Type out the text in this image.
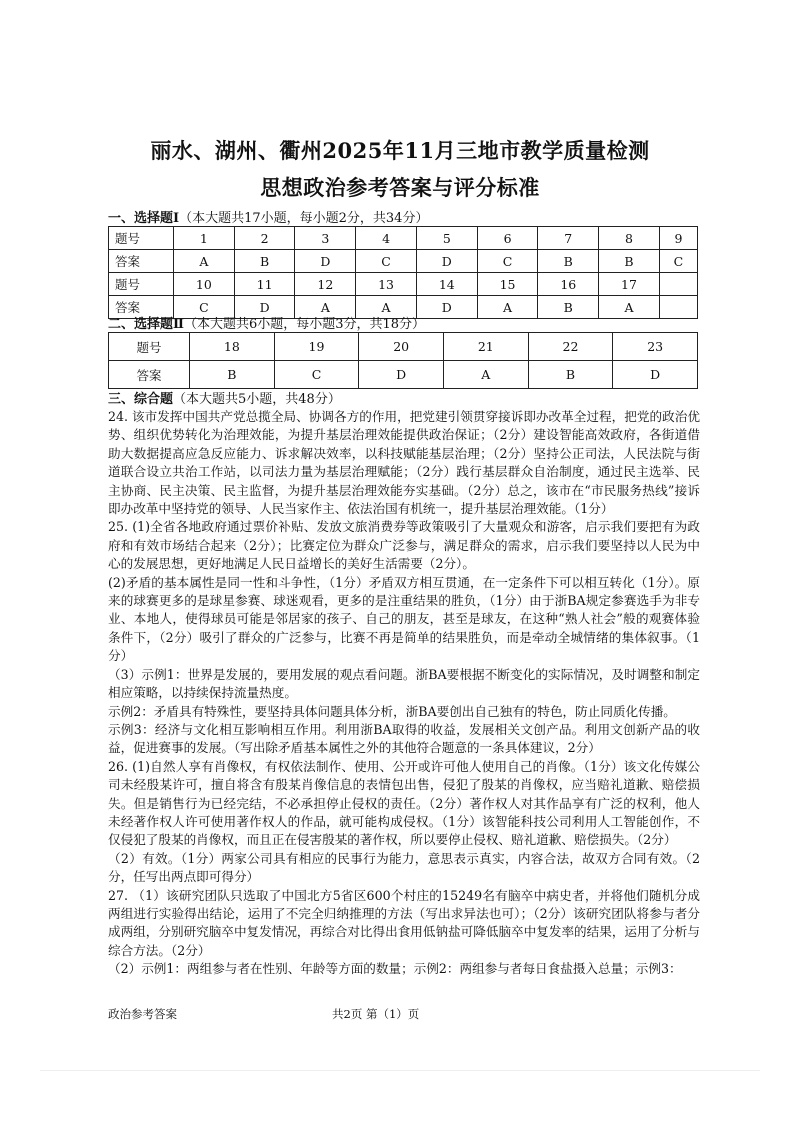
丽水、湖州、衢州2025年11月三地市教学质量检测
思想政治参考答案与评分标准
一、选择题Ⅰ（本大题共17小题，每小题2分，共34分）
题号	1	2	3	4	5	6	7	8	9
答案	A	B	D	C	D	C	B	B	C
题号	10	11	12	13	14	15	16	17	
答案	C	D	A	A	D	A	B	A	
二、选择题Ⅱ（本大题共6小题，每小题3分，共18分）
题号	18	19	20	21	22	23
答案	B	C	D	A	B	D
三、综合题（本大题共5小题，共48分）

24. 该市发挥中国共产党总揽全局、协调各方的作用，把党建引领贯穿接诉即办改革全过程，把党的政治优势、组织优势转化为治理效能，为提升基层治理效能提供政治保证；（2分）建设智能高效政府，各街道借助大数据提高应急反应能力、诉求解决效率，以科技赋能基层治理；（2分）坚持公正司法，人民法院与街道联合设立共治工作站，以司法力量为基层治理赋能；（2分）践行基层群众自治制度，通过民主选举、民主协商、民主决策、民主监督，为提升基层治理效能夯实基础。（2分）总之，该市在“市民服务热线”接诉即办改革中坚持党的领导、人民当家作主、依法治国有机统一，提升基层治理效能。（1分）

25. (1)全省各地政府通过票价补贴、发放文旅消费券等政策吸引了大量观众和游客，启示我们要把有为政府和有效市场结合起来（2分）；比赛定位为群众广泛参与，满足群众的需求，启示我们要坚持以人民为中心的发展思想，更好地满足人民日益增长的美好生活需要（2分）。

(2)矛盾的基本属性是同一性和斗争性，（1分）矛盾双方相互贯通，在一定条件下可以相互转化（1分）。原来的球赛更多的是球星参赛、球迷观看，更多的是注重结果的胜负，（1分）由于浙BA规定参赛选手为非专业、本地人，使得球员可能是邻居家的孩子、自己的朋友，甚至是球友，在这种“熟人社会”般的观赛体验条件下，（2分）吸引了群众的广泛参与，比赛不再是简单的结果胜负，而是牵动全城情绪的集体叙事。（1分）

（3）示例1：世界是发展的，要用发展的观点看问题。浙BA要根据不断变化的实际情况，及时调整和制定相应策略，以持续保持流量热度。

示例2：矛盾具有特殊性，要坚持具体问题具体分析，浙BA要创出自己独有的特色，防止同质化传播。

示例3：经济与文化相互影响相互作用。利用浙BA取得的收益，发展相关文创产品。利用文创新产品的收益，促进赛事的发展。（写出除矛盾基本属性之外的其他符合题意的一条具体建议，2分）

26. (1)自然人享有肖像权，有权依法制作、使用、公开或许可他人使用自己的肖像。（1分）该文化传媒公司未经殷某许可，擅自将含有殷某肖像信息的表情包出售，侵犯了殷某的肖像权，应当赔礼道歉、赔偿损失。但是销售行为已经完结，不必承担停止侵权的责任。（2分）著作权人对其作品享有广泛的权利，他人未经著作权人许可使用著作权人的作品，就可能构成侵权。（1分）该智能科技公司利用人工智能创作，不仅侵犯了殷某的肖像权，而且正在侵害殷某的著作权，所以要停止侵权、赔礼道歉、赔偿损失。（2分）

（2）有效。（1分）两家公司具有相应的民事行为能力，意思表示真实，内容合法，故双方合同有效。（2分，任写出两点即可得分）

27. （1）该研究团队只选取了中国北方5省区600个村庄的15249名有脑卒中病史者，并将他们随机分成两组进行实验得出结论，运用了不完全归纳推理的方法（写出求异法也可）；（2分）该研究团队将参与者分成两组，分别研究脑卒中复发情况，再综合对比得出食用低钠盐可降低脑卒中复发率的结果，运用了分析与综合方法。（2分）

（2）示例1：两组参与者在性别、年龄等方面的数量；示例2：两组参与者每日食盐摄入总量；示例3：

政治参考答案	共2页 第（1）页
